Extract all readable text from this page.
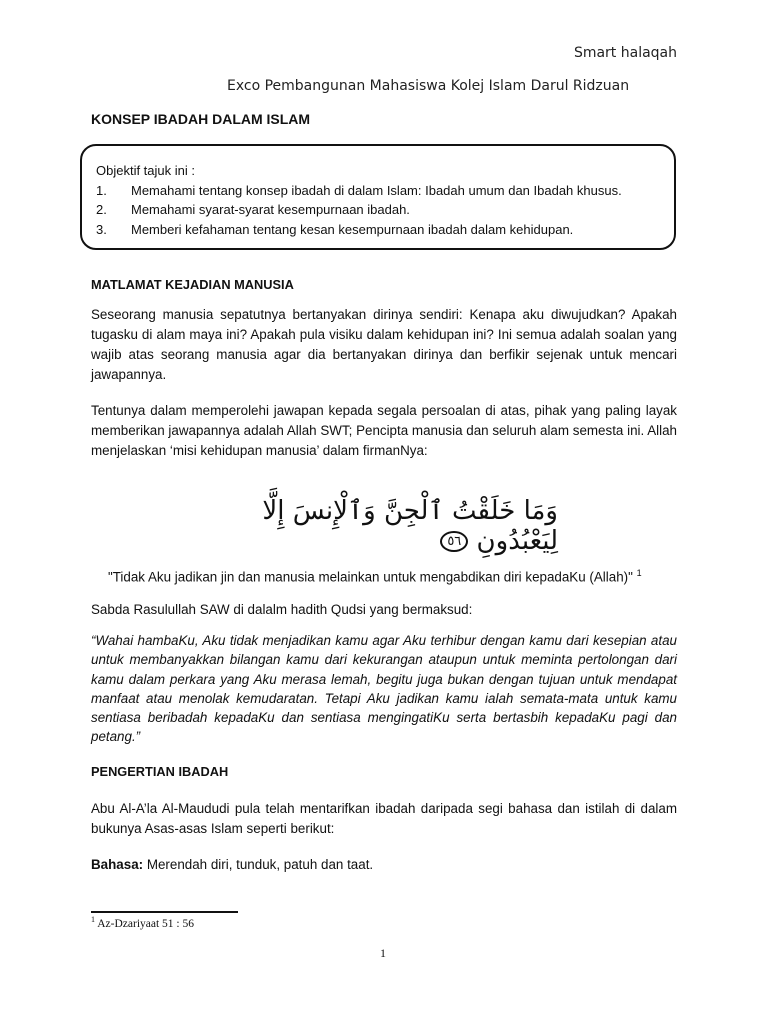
Smart halaqah
Exco Pembangunan Mahasiswa Kolej Islam Darul Ridzuan
KONSEP IBADAH DALAM ISLAM
Objektif tajuk ini :
1.	Memahami tentang konsep ibadah di dalam Islam: Ibadah umum dan Ibadah khusus.
2.	Memahami syarat-syarat kesempurnaan ibadah.
3.	Memberi kefahaman tentang kesan kesempurnaan ibadah dalam kehidupan.
MATLAMAT KEJADIAN MANUSIA
Seseorang manusia sepatutnya bertanyakan dirinya sendiri: Kenapa aku diwujudkan? Apakah tugasku di alam maya ini? Apakah pula visiku dalam kehidupan ini? Ini semua adalah soalan yang wajib atas seorang manusia agar dia bertanyakan dirinya dan berfikir sejenak untuk mencari jawapannya.
Tentunya dalam memperolehi jawapan kepada segala persoalan di atas, pihak yang paling layak memberikan jawapannya adalah Allah SWT; Pencipta manusia dan seluruh alam semesta ini. Allah menjelaskan ‘misi kehidupan manusia’ dalam firmanNya:
وَمَا خَلَقْتُ ٱلْجِنَّ وَٱلْإِنسَ إِلَّا لِيَعْبُدُونِ ٥٦
"Tidak Aku jadikan jin dan manusia melainkan untuk mengabdikan diri kepadaKu (Allah)" $^1$
Sabda Rasulullah SAW di dalalm hadith Qudsi yang bermaksud:
“Wahai hambaKu, Aku tidak menjadikan kamu agar Aku terhibur dengan kamu dari kesepian atau untuk membanyakkan bilangan kamu dari kekurangan ataupun untuk meminta pertolongan dari kamu dalam perkara yang Aku merasa lemah, begitu juga bukan dengan tujuan untuk mendapat manfaat atau menolak kemudaratan. Tetapi Aku jadikan kamu ialah semata-mata untuk kamu sentiasa beribadah kepadaKu dan sentiasa mengingatiKu serta bertasbih kepadaKu pagi dan petang.”
PENGERTIAN IBADAH
Abu Al-A’la Al-Maududi pula telah mentarifkan ibadah daripada segi bahasa dan istilah di dalam bukunya Asas-asas Islam seperti berikut:
Bahasa: Merendah diri, tunduk, patuh dan taat.
$^1$ Az-Dzariyaat 51 : 56
1
